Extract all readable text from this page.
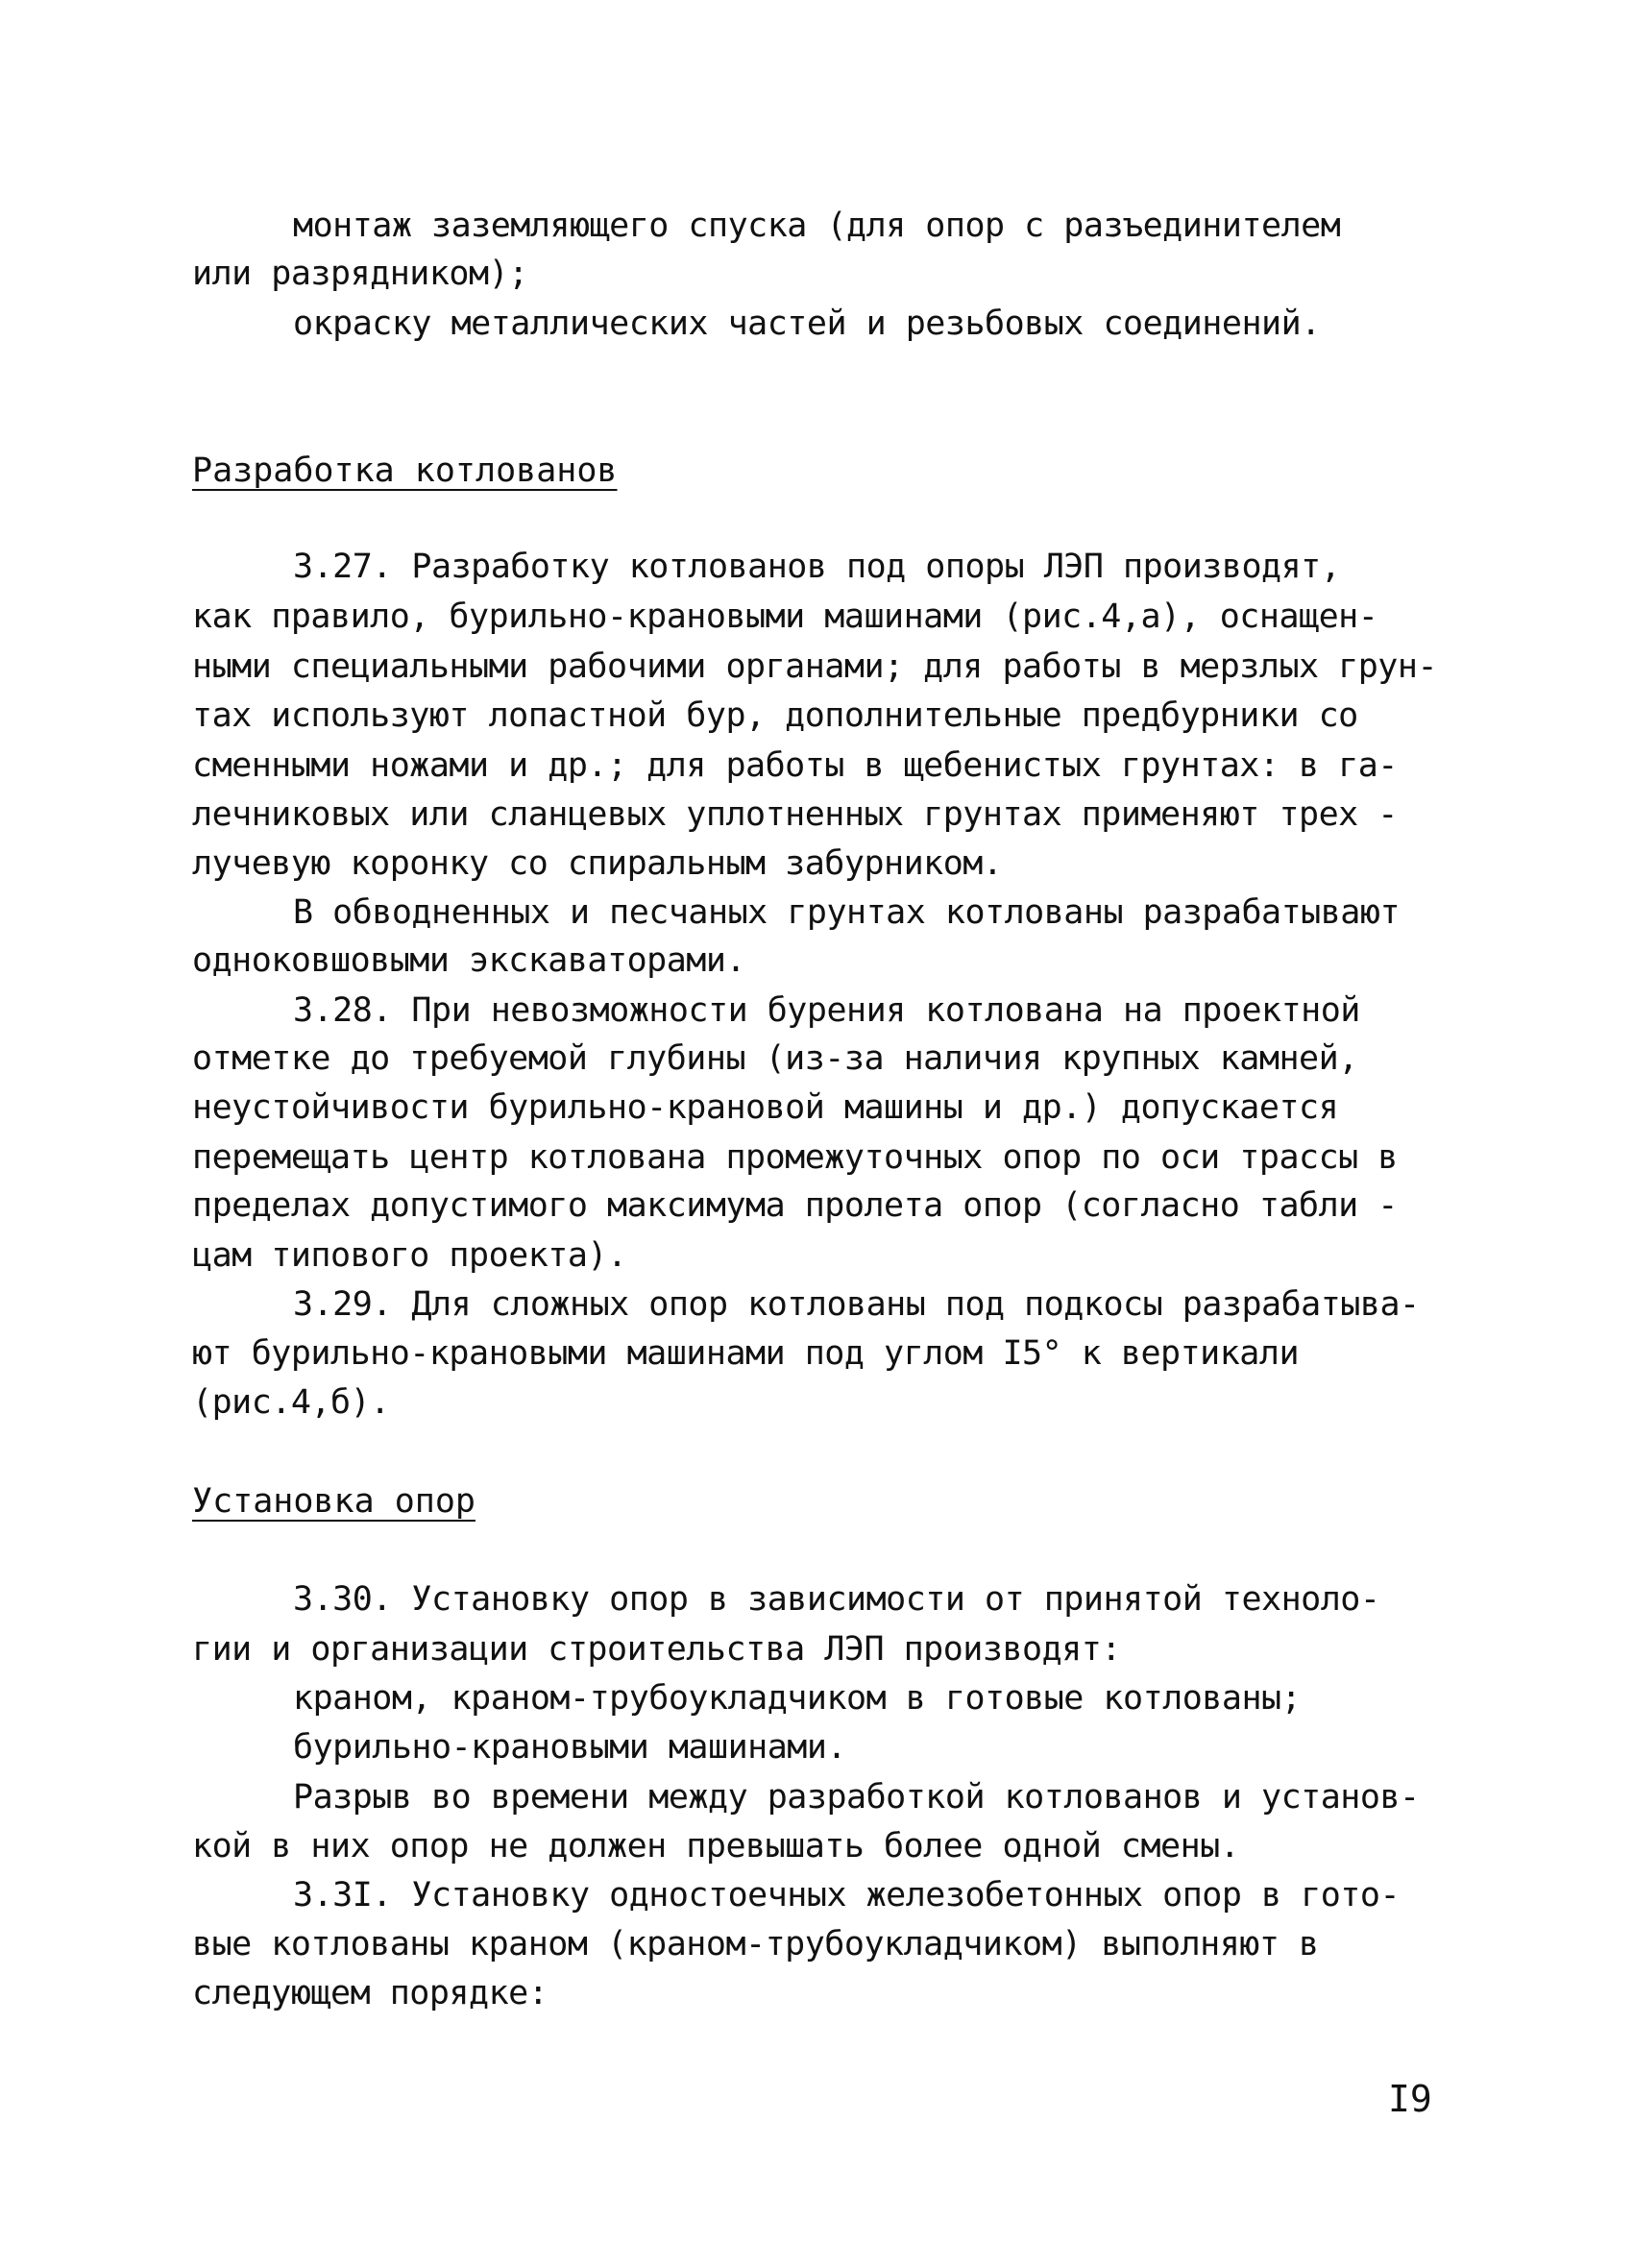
монтаж заземляющего спуска (для опор с разъединителем
или разрядником);
окраску металлических частей и резьбовых соединений.
Разработка котлованов
3.27. Разработку котлованов под опоры ЛЭП производят,
как правило, бурильно-крановыми машинами (рис.4,а), оснащен-
ными специальными рабочими органами; для работы в мерзлых грун-
тах используют лопастной бур, дополнительные предбурники со
сменными ножами и др.; для работы в щебенистых грунтах: в га-
лечниковых или сланцевых уплотненных грунтах применяют трех -
лучевую коронку со спиральным забурником.
В обводненных и песчаных грунтах котлованы разрабатывают
одноковшовыми экскаваторами.
3.28. При невозможности бурения котлована на проектной
отметке до требуемой глубины (из-за наличия крупных камней,
неустойчивости бурильно-крановой машины и др.) допускается
перемещать центр котлована промежуточных опор по оси трассы в
пределах допустимого максимума пролета опор (согласно табли -
цам типового проекта).
3.29. Для сложных опор котлованы под подкосы разрабатыва-
ют бурильно-крановыми машинами под углом I5° к вертикали
(рис.4,б).
Установка опор
3.30. Установку опор в зависимости от принятой техноло-
гии и организации строительства ЛЭП производят:
краном, краном-трубоукладчиком в готовые котлованы;
бурильно-крановыми машинами.
Разрыв во времени между разработкой котлованов и установ-
кой в них опор не должен превышать более одной смены.
3.3I. Установку одностоечных железобетонных опор в гото-
вые котлованы краном (краном-трубоукладчиком) выполняют в
следующем порядке:
I9
